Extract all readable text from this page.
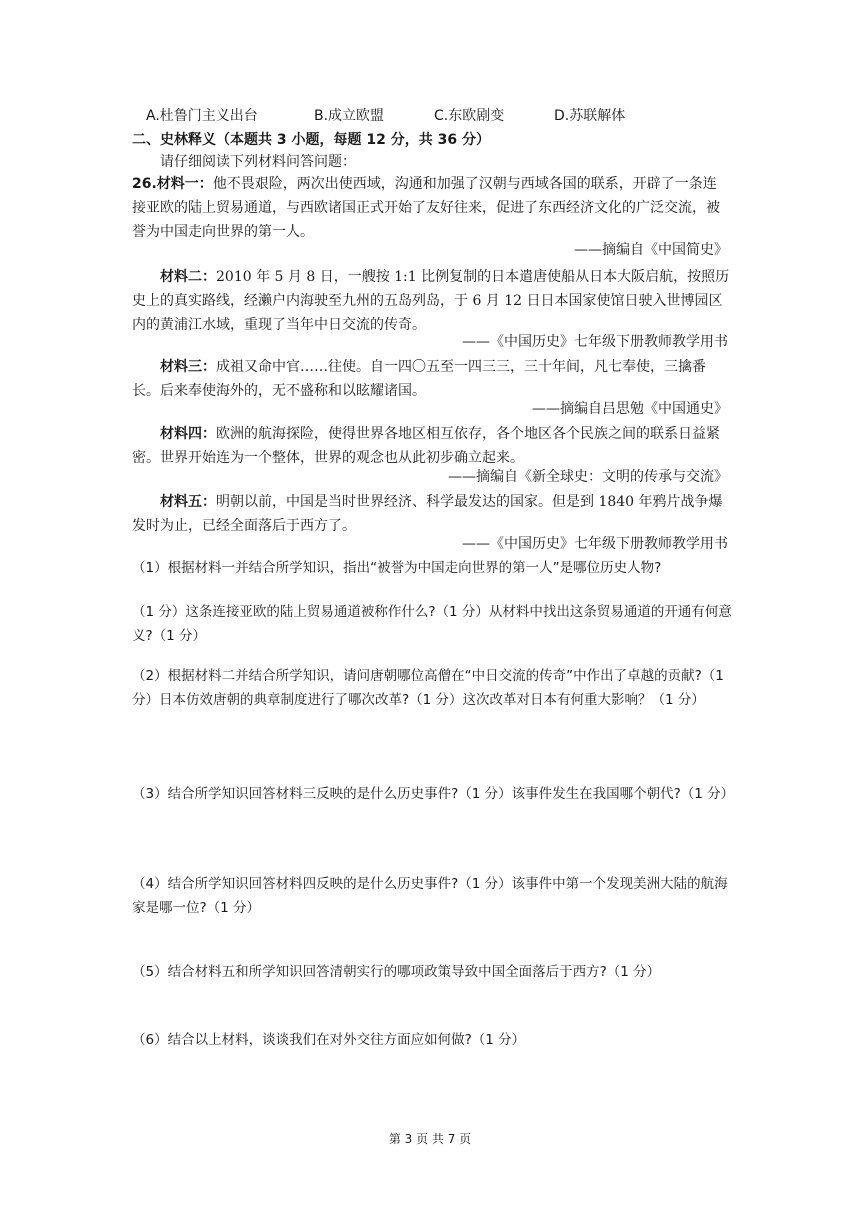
A.杜鲁门主义出台	B.成立欧盟	C.东欧剧变	D.苏联解体
二、史林释义（本题共 3 小题，每题 12 分，共 36 分）
请仔细阅读下列材料问答问题：
26.材料一：他不畏艰险，两次出使西域，沟通和加强了汉朝与西域各国的联系，开辟了一条连接亚欧的陆上贸易通道，与西欧诸国正式开始了友好往来，促进了东西经济文化的广泛交流，被誉为中国走向世界的第一人。
——摘编自《中国简史》
材料二：2010 年 5 月 8 日，一艘按 1:1 比例复制的日本遣唐使船从日本大阪启航，按照历史上的真实路线，经濑户内海驶至九州的五岛列岛，于 6 月 12 日日本国家使馆日驶入世博园区内的黄浦江水域，重现了当年中日交流的传奇。
——《中国历史》七年级下册教师教学用书
材料三：成祖又命中官……往使。自一四〇五至一四三三，三十年间，凡七奉使，三擒番长。后来奉使海外的，无不盛称和以眩耀诸国。
——摘编自吕思勉《中国通史》
材料四：欧洲的航海探险，使得世界各地区相互依存，各个地区各个民族之间的联系日益紧密。世界开始连为一个整体，世界的观念也从此初步确立起来。
——摘编自《新全球史：文明的传承与交流》
材料五：明朝以前，中国是当时世界经济、科学最发达的国家。但是到 1840 年鸦片战争爆发时为止，已经全面落后于西方了。
——《中国历史》七年级下册教师教学用书
（1）根据材料一并结合所学知识，指出“被誉为中国走向世界的第一人”是哪位历史人物?
（1 分）这条连接亚欧的陆上贸易通道被称作什么?（1 分）从材料中找出这条贸易通道的开通有何意义?（1 分）
（2）根据材料二并结合所学知识，请问唐朝哪位高僧在“中日交流的传奇”中作出了卓越的贡献?（1 分）日本仿效唐朝的典章制度进行了哪次改革?（1 分）这次改革对日本有何重大影响？（1 分）
（3）结合所学知识回答材料三反映的是什么历史事件?（1 分）该事件发生在我国哪个朝代?（1 分）
（4）结合所学知识回答材料四反映的是什么历史事件?（1 分）该事件中第一个发现美洲大陆的航海家是哪一位?（1 分）
（5）结合材料五和所学知识回答清朝实行的哪项政策导致中国全面落后于西方?（1 分）
（6）结合以上材料，谈谈我们在对外交往方面应如何做?（1 分）
第 3 页 共 7 页
